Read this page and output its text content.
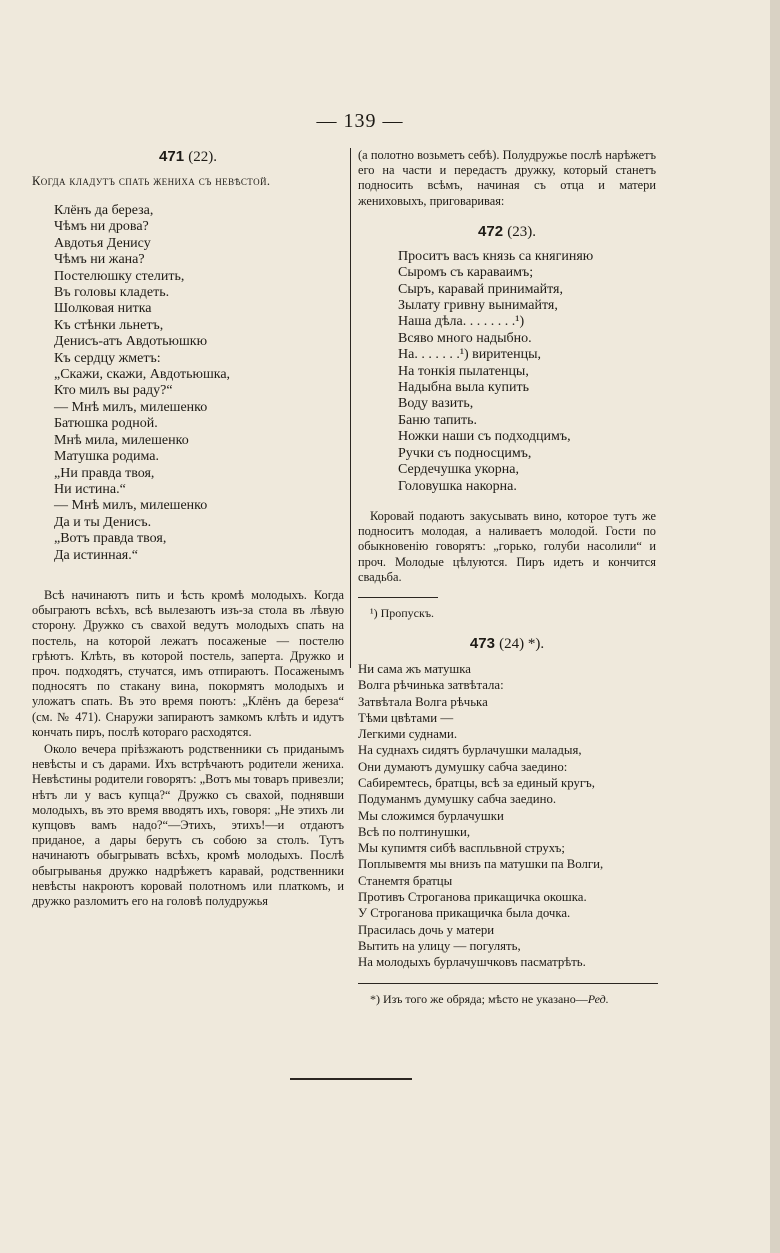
— 139 —
471 (22).
Когда кладутъ спать жениха съ невѣстой.
Клёнъ да береза,
Чѣмъ ни дрова?
Авдотья Денису
Чѣмъ ни жана?
Постелюшку стелить,
Въ головы кладеть.
Шолковая нитка
Къ стѣнки льнетъ,
Денисъ-атъ Авдотьюшкю
Къ сердцу жметъ:
„Скажи, скажи, Авдотьюшка,
Кто милъ вы раду?“
— Мнѣ милъ, милешенко
Батюшка родной.
Мнѣ мила, милешенко
Матушка родима.
„Ни правда твоя,
Ни истина.“
— Мнѣ милъ, милешенко
Да и ты Денисъ.
„Вотъ правда твоя,
Да истинная.“

Всѣ начинаютъ пить и ѣсть кромѣ молодыхъ. Когда обыграютъ всѣхъ, всѣ вылезаютъ изъ-за стола въ лѣвую сторону. Дружко съ свахой ведутъ молодыхъ спать на постель, на которой лежатъ посаженые — постелю грѣютъ. Клѣть, въ которой постель, заперта. Дружко и проч. подходятъ, стучатся, имъ отпираютъ. Посаженымъ подносятъ по стакану вина, покормятъ молодыхъ и уложатъ спать. Въ это время поютъ: „Клёнъ да береза“ (см. № 471). Снаружи запираютъ замкомъ клѣть и идутъ кончать пиръ, послѣ котораго расходятся.

Около вечера пріѣзжаютъ родственники съ приданымъ невѣсты и съ дарами. Ихъ встрѣчаютъ родители жениха. Невѣстины родители говорятъ: „Вотъ мы товаръ привезли; нѣтъ ли у васъ купца?“ Дружко съ свахой, поднявши молодыхъ, въ это время вводятъ ихъ, говоря: „Не этихъ ли купцовъ вамъ надо?“—Этихъ, этихъ!—и отдаютъ приданое, а дары берутъ съ собою за столъ. Тутъ начинаютъ обыгрывать всѣхъ, кромѣ молодыхъ. Послѣ обыгрыванья дружко надрѣжетъ каравай, родственники невѣсты накроютъ коровай полотномъ или платкомъ, и дружко разломитъ его на головѣ полудружья

(а полотно возьметъ себѣ). Полудружье послѣ нарѣжетъ его на части и передастъ дружку, который станетъ подносить всѣмъ, начиная съ отца и матери жениховыхъ, приговаривая:

472 (23).
Проситъ васъ князь са княгиняю
Сыромъ съ караваимъ;
Сыръ, каравай принимайтя,
Зылату гривну вынимайтя,
Наша дѣла. . . . . . . .¹)
Всяво много надыбно.
На. . . . . . .¹) виритенцы,
На тонкія пылатенцы,
Надыбна выла купить
Воду вазить,
Баню тапить.
Ножки наши съ подходцимъ,
Ручки съ подносцимъ,
Сердечушка укорна,
Головушка накорна.

Коровай подаютъ закусывать вино, которое тутъ же подноситъ молодая, а наливаетъ молодой. Гости по обыкновенію говорятъ: „горько, голуби насолили“ и проч. Молодые цѣлуются. Пиръ идетъ и кончится свадьба.

¹) Пропускъ.
473 (24) *).
Ни сама жъ матушка
Волга рѣчинька затвѣтала:
Затвѣтала Волга рѣчька
Тѣми цвѣтами —
Легкими суднами.
На суднахъ сидятъ бурлачушки маладыя,
Они думаютъ думушку сабча заедино:
Сабиремтесь, братцы, всѣ за единый кругъ,
Подуманмъ думушку сабча заедино.
Мы сложимся бурлачушки
Всѣ по полтинушки,
Мы купимтя сибѣ васпльвной струхъ;
Поплывемтя мы внизъ па матушки па Волги,
Станемтя братцы
Противъ Строганова прикащичка окошка.
У Строганова прикащичка была дочка.
Прасилась дочь у матери
Вытить на улицу — погулять,
На молодыхъ бурлачушчковъ пасматрѣть.
*) Изъ того же обряда; мѣсто не указано—Ред.
